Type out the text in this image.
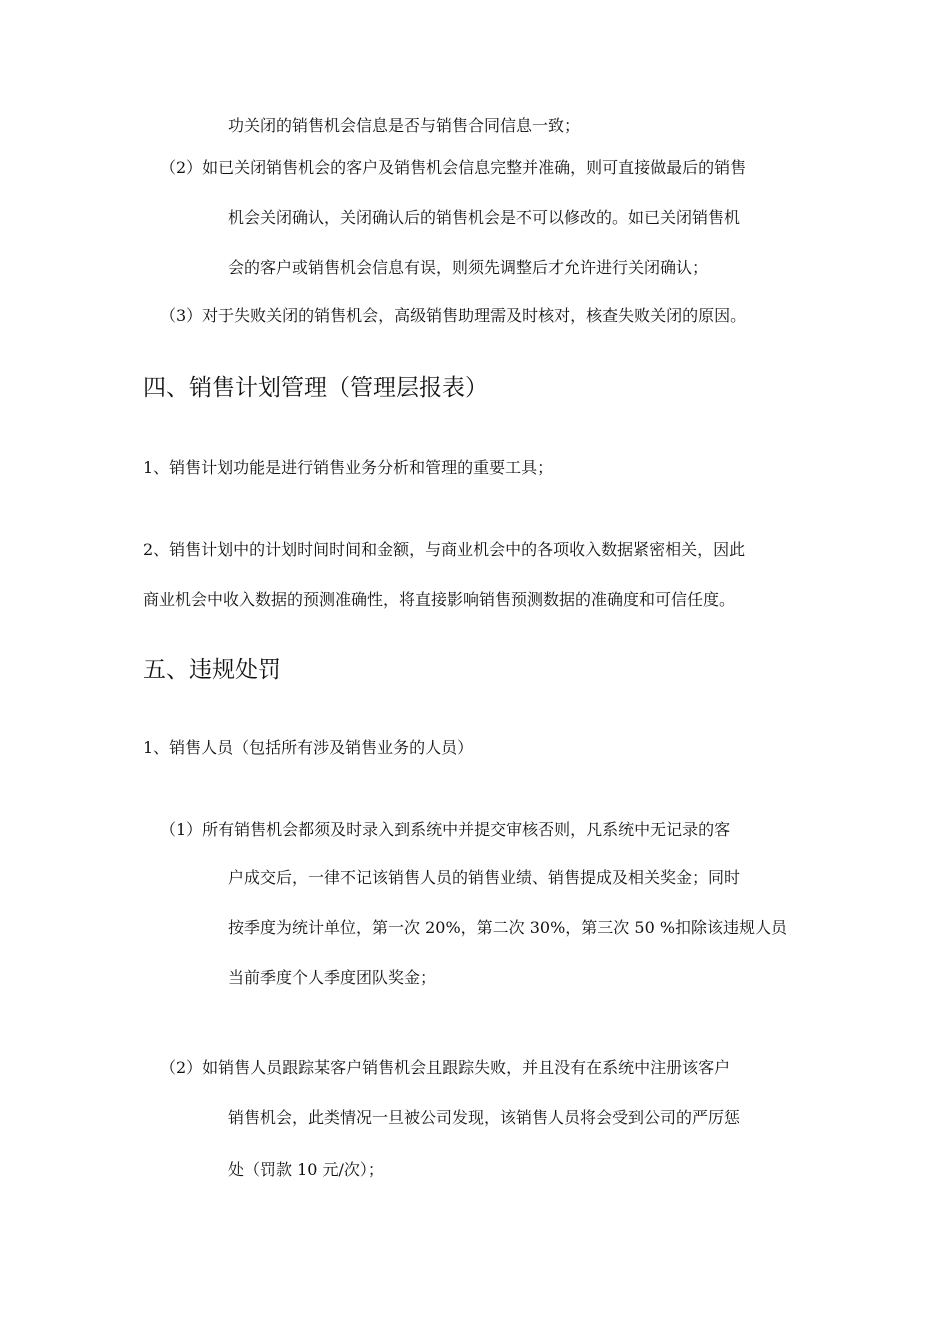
功关闭的销售机会信息是否与销售合同信息一致；
（2）如已关闭销售机会的客户及销售机会信息完整并准确，则可直接做最后的销售
机会关闭确认，关闭确认后的销售机会是不可以修改的。如已关闭销售机
会的客户或销售机会信息有误，则须先调整后才允许进行关闭确认；
（3）对于失败关闭的销售机会，高级销售助理需及时核对，核查失败关闭的原因。
四、销售计划管理（管理层报表）
1、销售计划功能是进行销售业务分析和管理的重要工具；
2、销售计划中的计划时间时间和金额，与商业机会中的各项收入数据紧密相关，因此
商业机会中收入数据的预测准确性，将直接影响销售预测数据的准确度和可信任度。
五、违规处罚
1、销售人员（包括所有涉及销售业务的人员）
（1）所有销售机会都须及时录入到系统中并提交审核否则，凡系统中无记录的客
户成交后，一律不记该销售人员的销售业绩、销售提成及相关奖金；同时
按季度为统计单位，第一次 20%，第二次 30%，第三次 50 %扣除该违规人员
当前季度个人季度团队奖金；
（2）如销售人员跟踪某客户销售机会且跟踪失败，并且没有在系统中注册该客户
销售机会，此类情况一旦被公司发现，该销售人员将会受到公司的严厉惩
处（罚款 10 元/次）；
